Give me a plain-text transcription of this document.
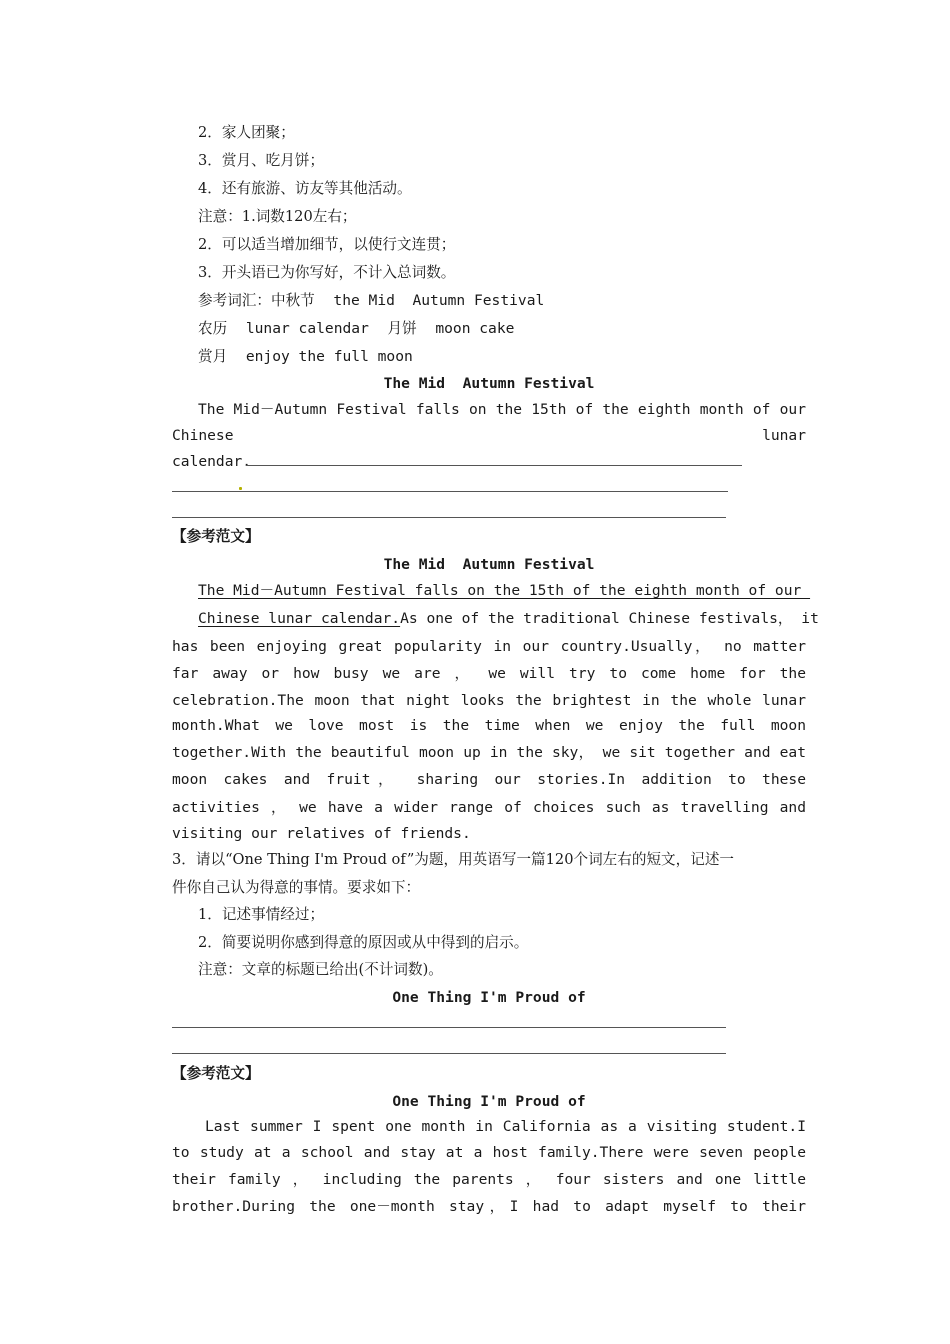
2．家人团聚；
3．赏月、吃月饼；
4．还有旅游、访友等其他活动。
注意：1.词数120左右；
2．可以适当增加细节，以使行文连贯；
3．开头语已为你写好，不计入总词数。
参考词汇：中秋节 the Mid  Autumn Festival
农历 lunar calendar 月饼 moon cake
赏月 enjoy the full moon
The Mid  Autumn Festival
The Mid－Autumn Festival falls on the 15th of the eighth month of our
Chinese	lunar
calendar.
【参考范文】
The Mid  Autumn Festival
The Mid－Autumn Festival falls on the 15th of the eighth month of our
Chinese lunar calendar.As one of the traditional Chinese festivals， it
has been enjoying great popularity in our country.Usually， no matter
far away or how busy we are ， we will try to come home for the
celebration.The moon that night looks the brightest in the whole lunar
month.What we love most is the time when we enjoy the full moon
together.With the beautiful moon up in the sky， we sit together and eat
moon cakes and fruit， sharing our stories.In addition to these
activities ， we have a wider range of choices such as travelling and
visiting our relatives of friends.
3．请以“One Thing I'm Proud of”为题，用英语写一篇120个词左右的短文，记述一
件你自己认为得意的事情。要求如下：
1．记述事情经过；
2．简要说明你感到得意的原因或从中得到的启示。
注意：文章的标题已给出(不计词数)。
One Thing I'm Proud of
【参考范文】
One Thing I'm Proud of
Last summer I spent one month in California as a visiting student.I
to study at a school and stay at a host family.There were seven people
their family ， including the parents ， four sisters and one little
brother.During the one－month stay，I had to adapt myself to their
